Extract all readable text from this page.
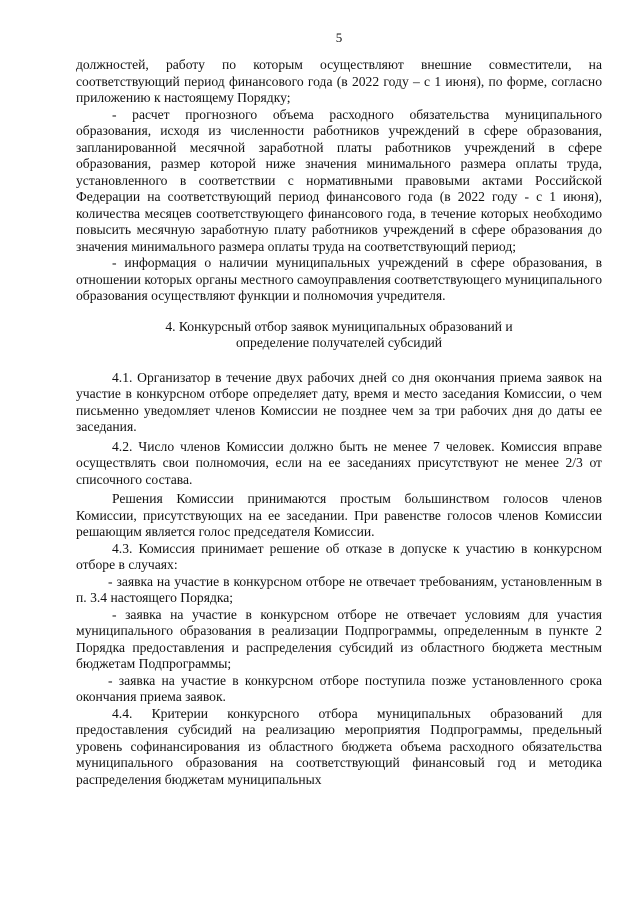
5

должностей, работу по которым осуществляют внешние совместители, на соответствующий период финансового года (в 2022 году – с 1 июня), по форме, согласно приложению к настоящему Порядку;

- расчет прогнозного объема расходного обязательства муниципального образования, исходя из численности работников учреждений в сфере образования, запланированной месячной заработной платы работников учреждений в сфере образования, размер которой ниже значения минимального размера оплаты труда, установленного в соответствии с нормативными правовыми актами Российской Федерации на соответствующий период финансового года (в 2022 году - с 1 июня), количества месяцев соответствующего финансового года, в течение которых необходимо повысить месячную заработную плату работников учреждений в сфере образования до значения минимального размера оплаты труда на соответствующий период;

- информация о наличии муниципальных учреждений в сфере образования, в отношении которых органы местного самоуправления соответствующего муниципального образования осуществляют функции и полномочия учредителя.

4. Конкурсный отбор заявок муниципальных образований и
определение получателей субсидий

4.1. Организатор в течение двух рабочих дней со дня окончания приема заявок на участие в конкурсном отборе определяет дату, время и место заседания Комиссии, о чем письменно уведомляет членов Комиссии не позднее чем за три рабочих дня до даты ее заседания.

4.2. Число членов Комиссии должно быть не менее 7 человек. Комиссия вправе осуществлять свои полномочия, если на ее заседаниях присутствуют не менее 2/3 от списочного состава.

Решения Комиссии принимаются простым большинством голосов членов Комиссии, присутствующих на ее заседании. При равенстве голосов членов Комиссии решающим является голос председателя Комиссии.

4.3. Комиссия принимает решение об отказе в допуске к участию в конкурсном отборе в случаях:

- заявка на участие в конкурсном отборе не отвечает требованиям, установленным в п. 3.4 настоящего Порядка;

- заявка на участие в конкурсном отборе не отвечает условиям для участия муниципального образования в реализации Подпрограммы, определенным в пункте 2 Порядка предоставления и распределения субсидий из областного бюджета местным бюджетам Подпрограммы;

- заявка на участие в конкурсном отборе поступила позже установленного срока окончания приема заявок.

4.4. Критерии конкурсного отбора муниципальных образований для предоставления субсидий на реализацию мероприятия Подпрограммы, предельный уровень софинансирования из областного бюджета объема расходного обязательства муниципального образования на соответствующий финансовый год и методика распределения бюджетам муниципальных
